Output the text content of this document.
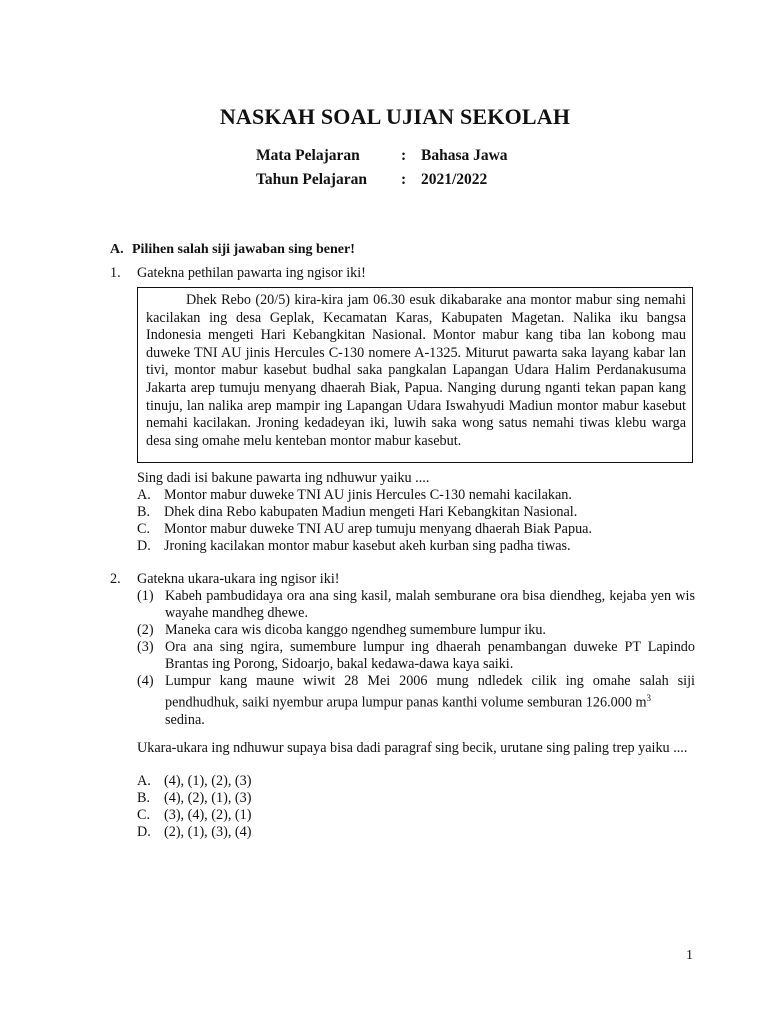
NASKAH SOAL UJIAN SEKOLAH
Mata Pelajaran	: Bahasa Jawa
Tahun Pelajaran : 2021/2022
A. Pilihen salah siji jawaban sing bener!
1. Gatekna pethilan pawarta ing ngisor iki!
Dhek Rebo (20/5) kira-kira jam 06.30 esuk dikabarake ana montor mabur sing nemahi kacilakan ing desa Geplak, Kecamatan Karas, Kabupaten Magetan. Nalika iku bangsa Indonesia mengeti Hari Kebangkitan Nasional. Montor mabur kang tiba lan kobong mau duweke TNI AU jinis Hercules C-130 nomere A-1325. Miturut pawarta saka layang kabar lan tivi, montor mabur kasebut budhal saka pangkalan Lapangan Udara Halim Perdanakusuma Jakarta arep tumuju menyang dhaerah Biak, Papua. Nanging durung nganti tekan papan kang tinuju, lan nalika arep mampir ing Lapangan Udara Iswahyudi Madiun montor mabur kasebut nemahi kacilakan. Jroning kedadeyan iki, luwih saka wong satus nemahi tiwas klebu warga desa sing omahe melu kenteban montor mabur kasebut.
Sing dadi isi bakune pawarta ing ndhuwur yaiku ....
A. Montor mabur duweke TNI AU jinis Hercules C-130 nemahi kacilakan.
B. Dhek dina Rebo kabupaten Madiun mengeti Hari Kebangkitan Nasional.
C. Montor mabur duweke TNI AU arep tumuju menyang dhaerah Biak Papua.
D. Jroning kacilakan montor mabur kasebut akeh kurban sing padha tiwas.
2. Gatekna ukara-ukara ing ngisor iki!
(1) Kabeh pambudidaya ora ana sing kasil, malah semburane ora bisa diendheg, kejaba yen wis wayahe mandheg dhewe.
(2) Maneka cara wis dicoba kanggo ngendheg sumembure lumpur iku.
(3) Ora ana sing ngira, sumembure lumpur ing dhaerah penambangan duweke PT Lapindo Brantas ing Porong, Sidoarjo, bakal kedawa-dawa kaya saiki.
(4) Lumpur kang maune wiwit 28 Mei 2006 mung ndledek cilik ing omahe salah siji pendhudhuk, saiki nyembur arupa lumpur panas kanthi volume semburan 126.000 $m^3$
sedina.
Ukara-ukara ing ndhuwur supaya bisa dadi paragraf sing becik, urutane sing paling trep yaiku ....
A. (4), (1), (2), (3)
B. (4), (2), (1), (3)
C. (3), (4), (2), (1)
D. (2), (1), (3), (4)
1
